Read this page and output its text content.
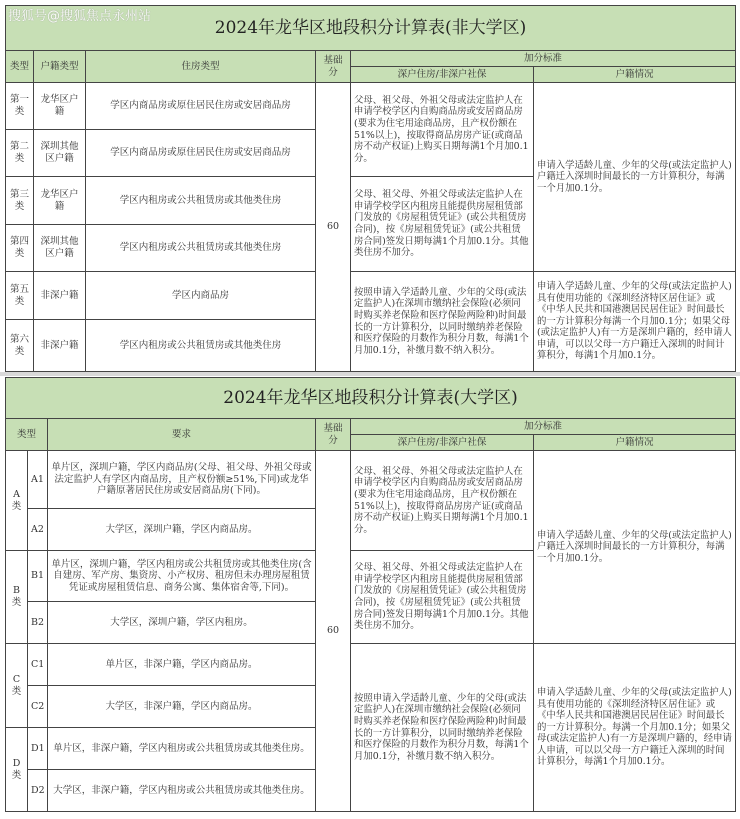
2024年龙华区地段积分计算表(非大学区)					
类型	户籍类型	住房类型	基础分	加分标准	
				深户住房/非深户社保	户籍情况
第一类	龙华区户籍	学区内商品房或原住居民住房或安居商品房	60	父母、祖父母、外祖父母或法定监护人在申请学校学区内自购商品房或安居商品房(要求为住宅用途商品房，且产权份额在51%以上)，按取得商品房房产证(或商品房不动产权证)上购买日期每满1个月加0.1分。	申请入学适龄儿童、少年的父母(或法定监护人)户籍迁入深圳时间最长的一方计算积分，每满一个月加0.1分。
第二类	深圳其他区户籍	学区内商品房或原住居民住房或安居商品房			
第三类	龙华区户籍	学区内租房或公共租赁房或其他类住房		父母、祖父母、外祖父母或法定监护人在申请学校学区内租房且能提供房屋租赁部门发放的《房屋租赁凭证》(或公共租赁房合同)，按《房屋租赁凭证》(或公共租赁房合同)签发日期每满1个月加0.1分。其他类住房不加分。	
第四类	深圳其他区户籍	学区内租房或公共租赁房或其他类住房			
第五类	非深户籍	学区内商品房		按照申请入学适龄儿童、少年的父母(或法定监护人)在深圳市缴纳社会保险(必须同时购买养老保险和医疗保险两险种)时间最长的一方计算积分，以同时缴纳养老保险和医疗保险的月数作为积分月数，每满1个月加0.1分，补缴月数不纳入积分。	申请入学适龄儿童、少年的父母(或法定监护人)具有使用功能的《深圳经济特区居住证》或《中华人民共和国港澳居民居住证》时间最长的一方计算积分每满一个月加0.1分；如果父母(或法定监护人)有一方是深圳户籍的，经申请人申请，可以以父母一方户籍迁入深圳的时间计算积分，每满1个月加0.1分。
第六类	非深户籍	学区内租房或公共租赁房或其他类住房			
2024年龙华区地段积分计算表(大学区)					
类型		要求	基础分	加分标准	
				深户住房/非深户社保	户籍情况
A类	A1	单片区，深圳户籍，学区内商品房(父母、祖父母、外祖父母或法定监护人有学区内商品房，且产权份额≥51%,下同)或龙华户籍原著居民住房或安居商品房(下同)。	60	父母、祖父母、外祖父母或法定监护人在申请学校学区内自购商品房或安居商品房(要求为住宅用途商品房，且产权份额在51%以上)，按取得商品房房产证(或商品房不动产权证)上购买日期每满1个月加0.1分。	申请入学适龄儿童、少年的父母(或法定监护人)户籍迁入深圳时间最长的一方计算积分，每满一个月加0.1分。
	A2	大学区，深圳户籍，学区内商品房。			
B类	B1	单片区，深圳户籍，学区内租房或公共租赁房或其他类住房(含自建房、军产房、集资房、小产权房、租房但未办理房屋租赁凭证或房屋租赁信息、商务公寓、集体宿舍等,下同)。		父母、祖父母、外祖父母或法定监护人在申请学校学区内租房且能提供房屋租赁部门发放的《房屋租赁凭证》(或公共租赁房合同)，按《房屋租赁凭证》(或公共租赁房合同)签发日期每满1个月加0.1分。其他类住房不加分。	
	B2	大学区，深圳户籍，学区内租房。			
C类	C1	单片区，非深户籍，学区内商品房。		按照申请入学适龄儿童、少年的父母(或法定监护人)在深圳市缴纳社会保险(必须同时购买养老保险和医疗保险两险种)时间最长的一方计算积分，以同时缴纳养老保险和医疗保险的月数作为积分月数，每满1个月加0.1分，补缴月数不纳入积分。	申请入学适龄儿童、少年的父母(或法定监护人)具有使用功能的《深圳经济特区居住证》或《中华人民共和国港澳居民居住证》时间最长的一方计算积分。每满一个月加0.1分；如果父母(或法定监护人)有一方是深圳户籍的，经申请人申请，可以以父母一方户籍迁入深圳的时间计算积分，每满1个月加0.1分。
	C2	大学区，非深户籍，学区内商品房。			
D类	D1	单片区，非深户籍，学区内租房或公共租赁房或其他类住房。			
	D2	大学区，非深户籍，学区内租房或公共租赁房或其他类住房。			
搜狐号@搜狐焦点永州站
